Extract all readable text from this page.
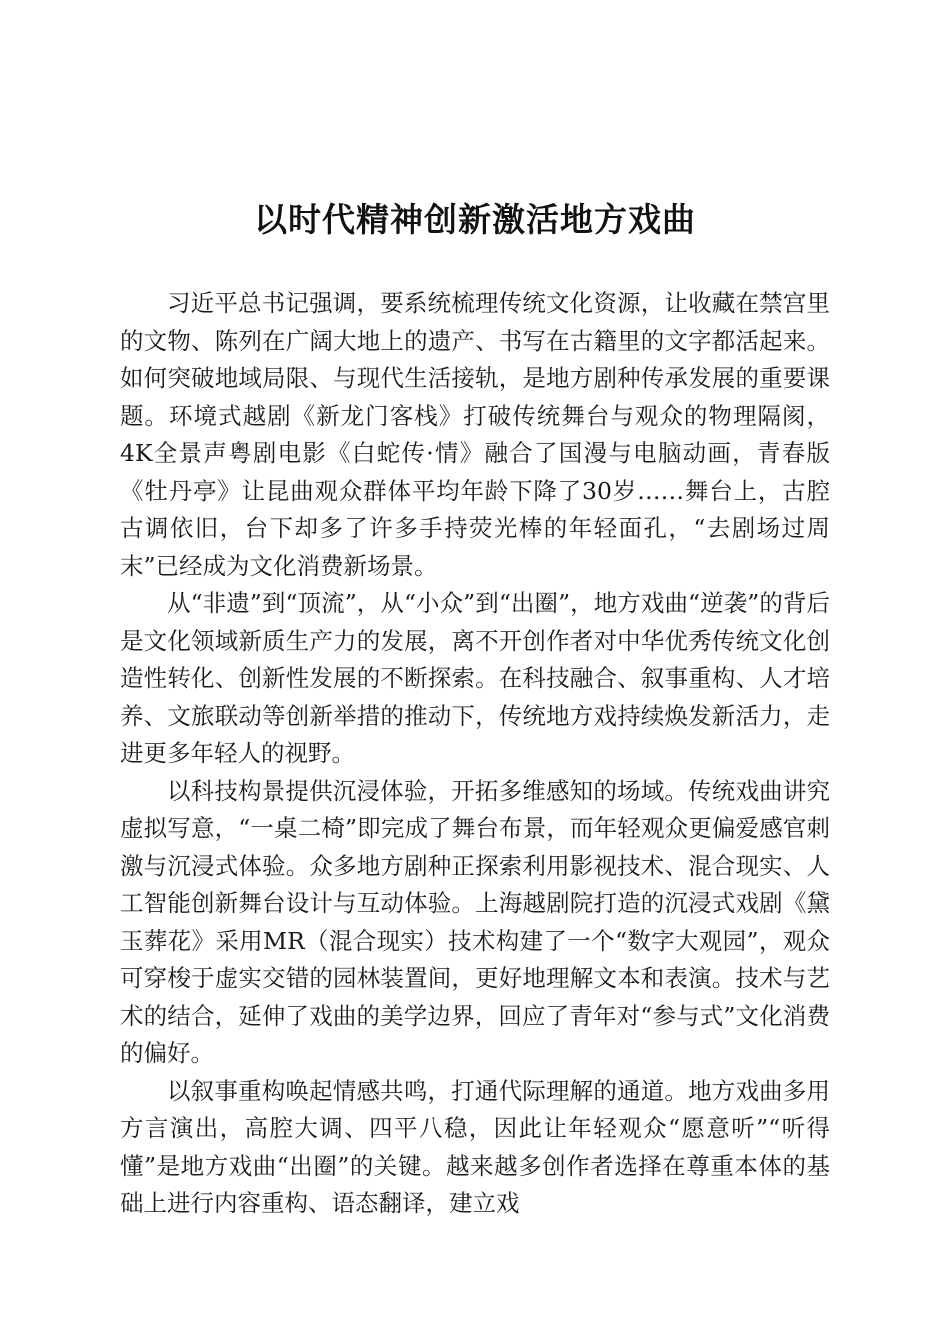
以时代精神创新激活地方戏曲

习近平总书记强调，要系统梳理传统文化资源，让收藏在禁宫里的文物、陈列在广阔大地上的遗产、书写在古籍里的文字都活起来。如何突破地域局限、与现代生活接轨，是地方剧种传承发展的重要课题。环境式越剧《新龙门客栈》打破传统舞台与观众的物理隔阂，4K全景声粤剧电影《白蛇传·情》融合了国漫与电脑动画，青春版《牡丹亭》让昆曲观众群体平均年龄下降了30岁……舞台上，古腔古调依旧，台下却多了许多手持荧光棒的年轻面孔，“去剧场过周末”已经成为文化消费新场景。

从“非遗”到“顶流”，从“小众”到“出圈”，地方戏曲“逆袭”的背后是文化领域新质生产力的发展，离不开创作者对中华优秀传统文化创造性转化、创新性发展的不断探索。在科技融合、叙事重构、人才培养、文旅联动等创新举措的推动下，传统地方戏持续焕发新活力，走进更多年轻人的视野。

以科技构景提供沉浸体验，开拓多维感知的场域。传统戏曲讲究虚拟写意，“一桌二椅”即完成了舞台布景，而年轻观众更偏爱感官刺激与沉浸式体验。众多地方剧种正探索利用影视技术、混合现实、人工智能创新舞台设计与互动体验。上海越剧院打造的沉浸式戏剧《黛玉葬花》采用MR（混合现实）技术构建了一个“数字大观园”，观众可穿梭于虚实交错的园林装置间，更好地理解文本和表演。技术与艺术的结合，延伸了戏曲的美学边界，回应了青年对“参与式”文化消费的偏好。

以叙事重构唤起情感共鸣，打通代际理解的通道。地方戏曲多用方言演出，高腔大调、四平八稳，因此让年轻观众“愿意听”“听得懂”是地方戏曲“出圈”的关键。越来越多创作者选择在尊重本体的基础上进行内容重构、语态翻译，建立戏
